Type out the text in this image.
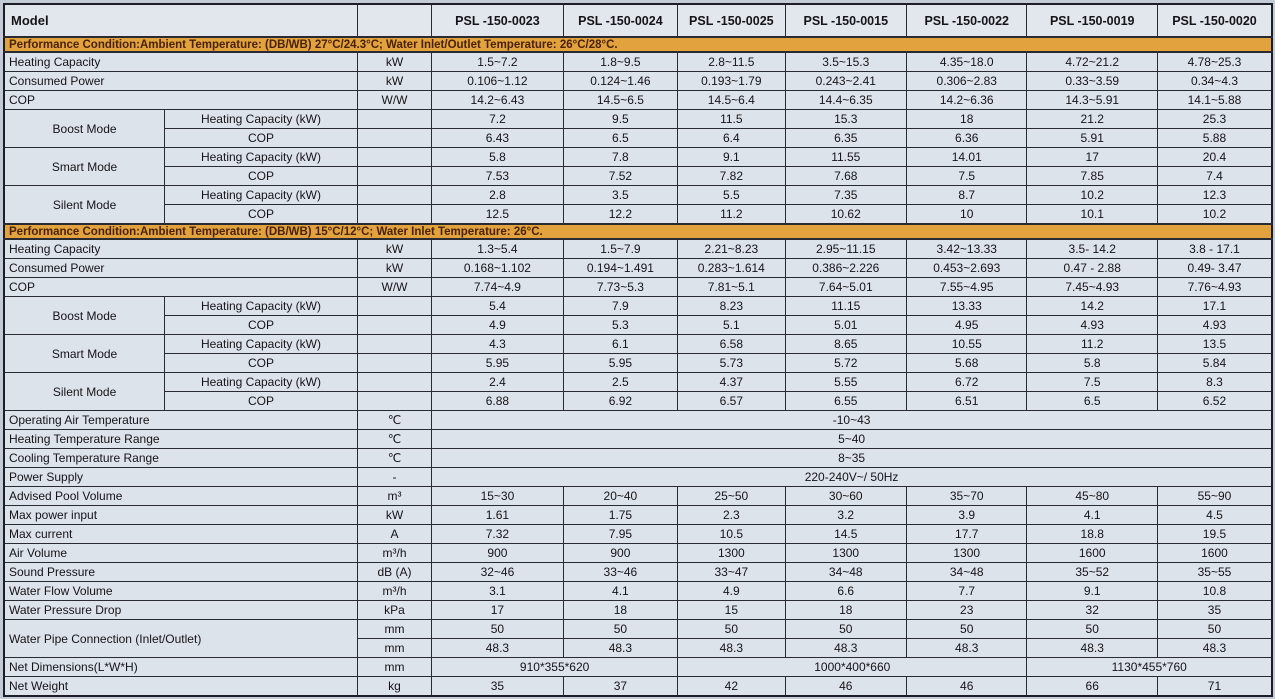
Model			PSL -150-0023	PSL -150-0024	PSL -150-0025	PSL -150-0015	PSL -150-0022	PSL -150-0019	PSL -150-0020
Performance Condition:Ambient Temperature: (DB/WB) 27°C/24.3°C; Water Inlet/Outlet Temperature: 26°C/28°C.									
Heating Capacity		kW	1.5~7.2	1.8~9.5	2.8~11.5	3.5~15.3	4.35~18.0	4.72~21.2	4.78~25.3
Consumed Power		kW	0.106~1.12	0.124~1.46	0.193~1.79	0.243~2.41	0.306~2.83	0.33~3.59	0.34~4.3
COP		W/W	14.2~6.43	14.5~6.5	14.5~6.4	14.4~6.35	14.2~6.36	14.3~5.91	14.1~5.88
Boost Mode	Heating Capacity (kW)		7.2	9.5	11.5	15.3	18	21.2	25.3
	COP		6.43	6.5	6.4	6.35	6.36	5.91	5.88
Smart Mode	Heating Capacity (kW)		5.8	7.8	9.1	11.55	14.01	17	20.4
	COP		7.53	7.52	7.82	7.68	7.5	7.85	7.4
Silent Mode	Heating Capacity (kW)		2.8	3.5	5.5	7.35	8.7	10.2	12.3
	COP		12.5	12.2	11.2	10.62	10	10.1	10.2
Performance Condition:Ambient Temperature: (DB/WB) 15°C/12°C; Water Inlet Temperature: 26°C.									
Heating Capacity		kW	1.3~5.4	1.5~7.9	2.21~8.23	2.95~11.15	3.42~13.33	3.5- 14.2	3.8 - 17.1
Consumed Power		kW	0.168~1.102	0.194~1.491	0.283~1.614	0.386~2.226	0.453~2.693	0.47 - 2.88	0.49- 3.47
COP		W/W	7.74~4.9	7.73~5.3	7.81~5.1	7.64~5.01	7.55~4.95	7.45~4.93	7.76~4.93
Boost Mode	Heating Capacity (kW)		5.4	7.9	8.23	11.15	13.33	14.2	17.1
	COP		4.9	5.3	5.1	5.01	4.95	4.93	4.93
Smart Mode	Heating Capacity (kW)		4.3	6.1	6.58	8.65	10.55	11.2	13.5
	COP		5.95	5.95	5.73	5.72	5.68	5.8	5.84
Silent Mode	Heating Capacity (kW)		2.4	2.5	4.37	5.55	6.72	7.5	8.3
	COP		6.88	6.92	6.57	6.55	6.51	6.5	6.52
Operating Air Temperature		℃	-10~43						
Heating Temperature Range		℃	5~40						
Cooling Temperature Range		℃	8~35						
Power Supply		-	220-240V~/ 50Hz						
Advised Pool Volume		m³	15~30	20~40	25~50	30~60	35~70	45~80	55~90
Max power input		kW	1.61	1.75	2.3	3.2	3.9	4.1	4.5
Max current		A	7.32	7.95	10.5	14.5	17.7	18.8	19.5
Air Volume		m³/h	900	900	1300	1300	1300	1600	1600
Sound Pressure		dB (A)	32~46	33~46	33~47	34~48	34~48	35~52	35~55
Water Flow Volume		m³/h	3.1	4.1	4.9	6.6	7.7	9.1	10.8
Water Pressure Drop		kPa	17	18	15	18	23	32	35
Water Pipe Connection (Inlet/Outlet)		mm	50	50	50	50	50	50	50
		mm	48.3	48.3	48.3	48.3	48.3	48.3	48.3
Net Dimensions(L*W*H)		mm	910*355*620		1000*400*660			1130*455*760	
Net Weight		kg	35	37	42	46	46	66	71
